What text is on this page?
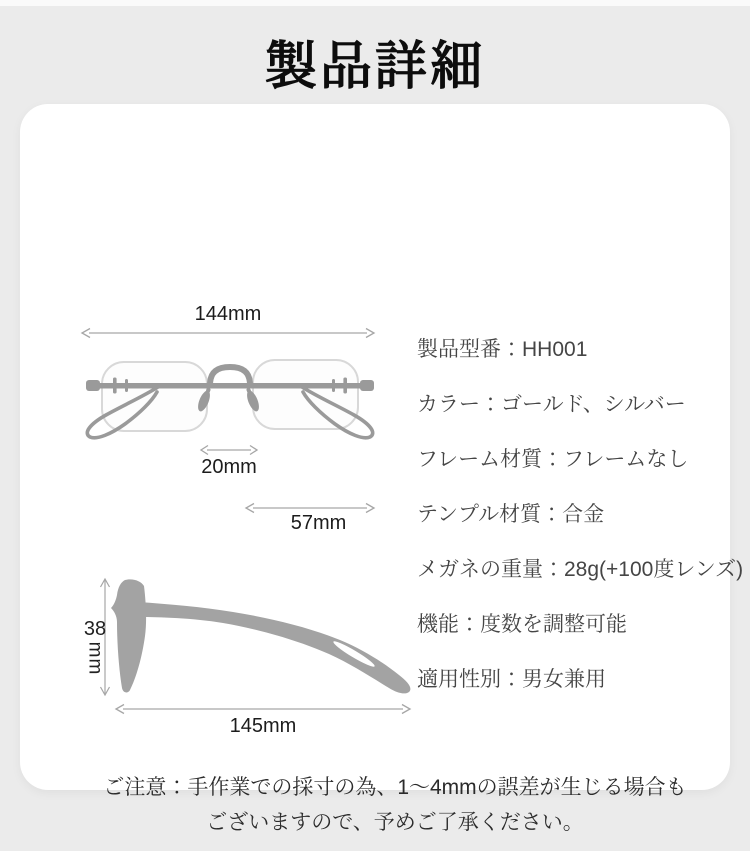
製品詳細
144mm
20mm
57mm
38
mm
145mm
製品型番：HH001
カラー：ゴールド、シルバー
フレーム材質：フレームなし
テンプル材質：合金
メガネの重量：28g(+100度レンズ)
機能：度数を調整可能
適用性別：男女兼用
ご注意：手作業での採寸の為、1～4mmの誤差が生じる場合も
ございますので、予めご了承ください。
